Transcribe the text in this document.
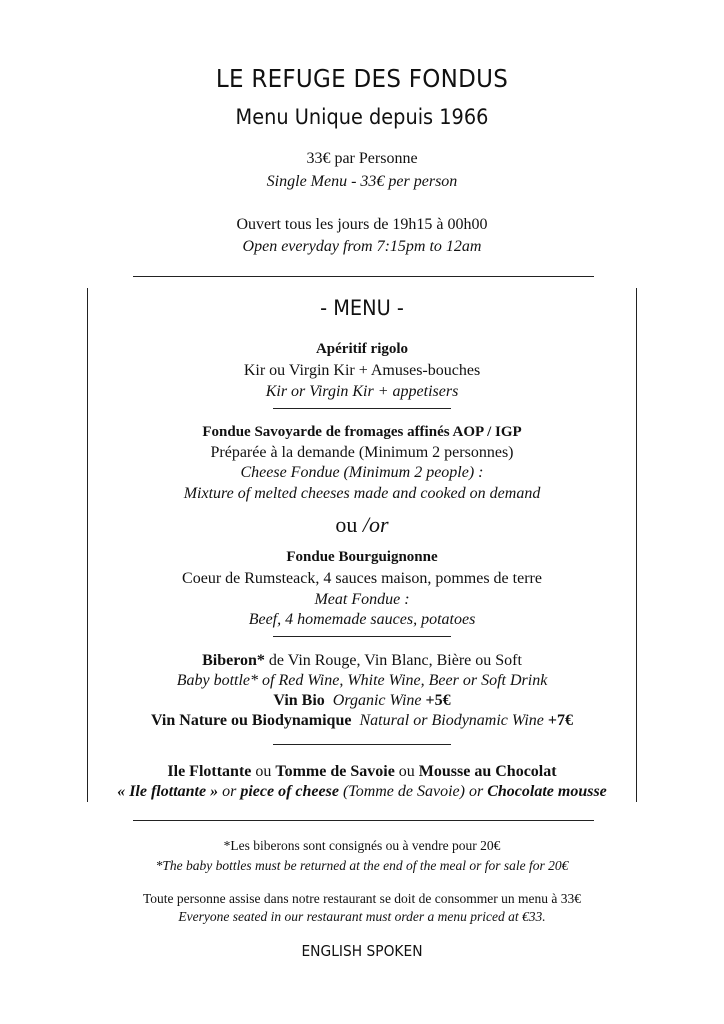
LE REFUGE DES FONDUS
Menu Unique depuis 1966
33€ par Personne
Single Menu - 33€ per person
Ouvert tous les jours de 19h15 à 00h00
Open everyday from 7:15pm to 12am
- MENU -
Apéritif rigolo
Kir ou Virgin Kir + Amuses-bouches
Kir or Virgin Kir + appetisers
Fondue Savoyarde de fromages affinés AOP / IGP
Préparée à la demande (Minimum 2 personnes)
Cheese Fondue (Minimum 2 people) :
Mixture of melted cheeses made and cooked on demand
ou /or
Fondue Bourguignonne
Coeur de Rumsteack, 4 sauces maison, pommes de terre
Meat Fondue :
Beef, 4 homemade sauces, potatoes
Biberon* de Vin Rouge, Vin Blanc, Bière ou Soft
Baby bottle* of Red Wine, White Wine, Beer or Soft Drink
Vin Bio Organic Wine +5€
Vin Nature ou Biodynamique Natural or Biodynamic Wine +7€
Ile Flottante ou Tomme de Savoie ou Mousse au Chocolat
« Ile flottante » or piece of cheese (Tomme de Savoie) or Chocolate mousse
*Les biberons sont consignés ou à vendre pour 20€
*The baby bottles must be returned at the end of the meal or for sale for 20€
Toute personne assise dans notre restaurant se doit de consommer un menu à 33€
Everyone seated in our restaurant must order a menu priced at €33.
ENGLISH SPOKEN
